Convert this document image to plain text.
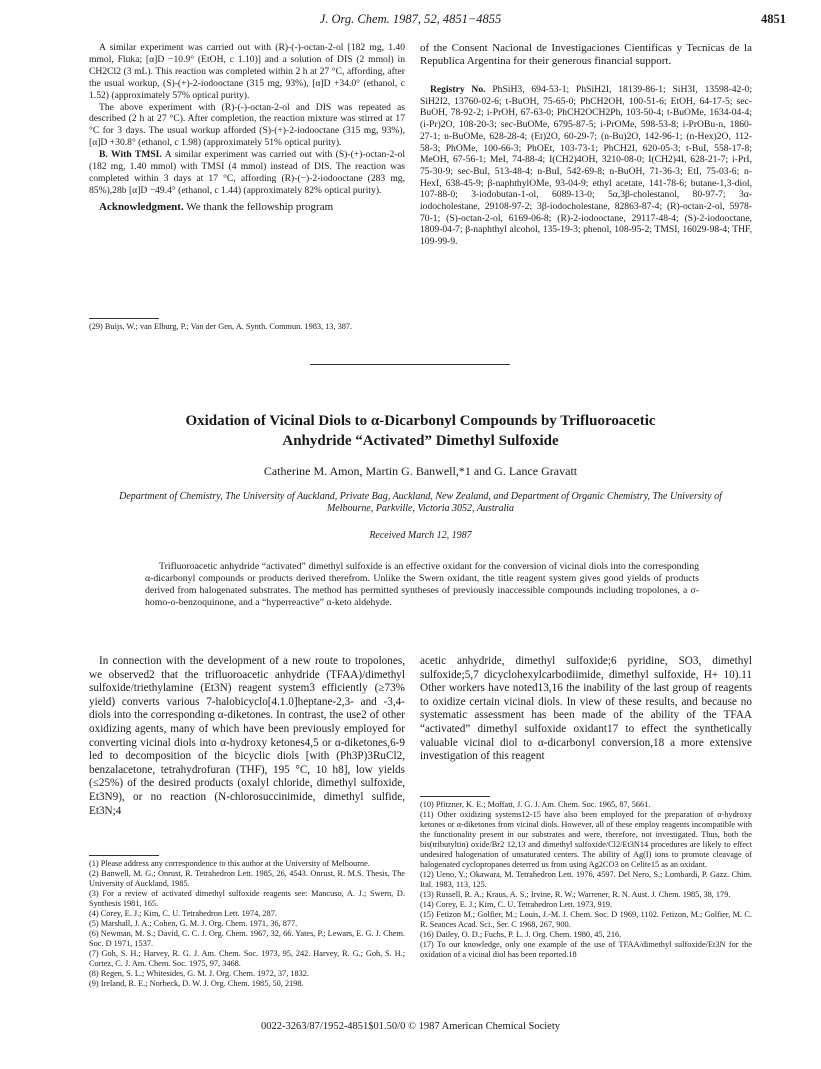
J. Org. Chem. 1987, 52, 4851−4855	4851

A similar experiment was carried out with (R)-(-)-octan-2-ol [182 mg, 1.40 mmol, Fluka; [α]D −10.9° (EtOH, c 1.10)] and a solution of DIS (2 mmol) in CH2Cl2 (3 mL). This reaction was completed within 2 h at 27 °C, affording, after the usual workup, (S)-(+)-2-iodooctane (315 mg, 93%), [α]D +34.0° (ethanol, c 1.52) (approximately 57% optical purity).

The above experiment with (R)-(-)-octan-2-ol and DIS was repeated as described (2 h at 27 °C). After completion, the reaction mixture was stirred at 17 °C for 3 days. The usual workup afforded (S)-(+)-2-iodooctane (315 mg, 93%), [α]D +30.8° (ethanol, c 1.98) (approximately 51% optical purity).

B. With TMSI. A similar experiment was carried out with (S)-(+)-octan-2-ol (182 mg, 1.40 mmol) with TMSI (4 mmol) instead of DIS. The reaction was completed within 3 days at 17 °C, affording (R)-(−)-2-iodooctane (283 mg, 85%),28b [α]D −49.4° (ethanol, c 1.44) (approximately 82% optical purity).

Acknowledgment. We thank the fellowship program

(29) Buijs, W.; van Elburg, P.; Van der Gen, A. Synth. Commun. 1983, 13, 387.

of the Consent Nacional de Investigaciones Cientificas y Tecnicas de la Republica Argentina for their generous financial support.

Registry No. PhSiH3, 694-53-1; PhSiH2I, 18139-86-1; SiH3I, 13598-42-0; SiH2I2, 13760-02-6; t-BuOH, 75-65-0; PhCH2OH, 100-51-6; EtOH, 64-17-5; sec-BuOH, 78-92-2; i-PrOH, 67-63-0; PhCH2OCH2Ph, 103-50-4; t-BuOMe, 1634-04-4; (i-Pr)2O, 108-20-3; sec-BuOMe, 6795-87-5; i-PrOMe, 598-53-8; i-PrOBu-n, 1860-27-1; n-BuOMe, 628-28-4; (Et)2O, 60-29-7; (n-Bu)2O, 142-96-1; (n-Hex)2O, 112-58-3; PhOMe, 100-66-3; PhOEt, 103-73-1; PhCH2I, 620-05-3; t-BuI, 558-17-8; MeOH, 67-56-1; MeI, 74-88-4; I(CH2)4OH, 3210-08-0; I(CH2)4I, 628-21-7; i-PrI, 75-30-9; sec-BuI, 513-48-4; n-BuI, 542-69-8; n-BuOH, 71-36-3; EtI, 75-03-6; n-HexI, 638-45-9; β-naphthylOMe, 93-04-9; ethyl acetate, 141-78-6; butane-1,3-diol, 107-88-0; 3-iodobutan-1-ol, 6089-13-0; 5α,3β-cholestanol, 80-97-7; 3α-iodocholestane, 29108-97-2; 3β-iodocholestane, 82863-87-4; (R)-octan-2-ol, 5978-70-1; (S)-octan-2-ol, 6169-06-8; (R)-2-iodooctane, 29117-48-4; (S)-2-iodooctane, 1809-04-7; β-naphthyl alcohol, 135-19-3; phenol, 108-95-2; TMSI, 16029-98-4; THF, 109-99-9.

Oxidation of Vicinal Diols to α-Dicarbonyl Compounds by Trifluoroacetic
Anhydride “Activated” Dimethyl Sulfoxide
Catherine M. Amon, Martin G. Banwell,*1 and G. Lance Gravatt
Department of Chemistry, The University of Auckland, Private Bag, Auckland, New Zealand, and Department of Organic Chemistry, The University of Melbourne, Parkville, Victoria 3052, Australia
Received March 12, 1987
Trifluoroacetic anhydride “activated” dimethyl sulfoxide is an effective oxidant for the conversion of vicinal diols into the corresponding α-dicarbonyl compounds or products derived therefrom. Unlike the Swern oxidant, the title reagent system gives good yields of products derived from halogenated substrates. The method has permitted syntheses of previously inaccessible compounds including tropolones, a σ-homo-o-benzoquinone, and a “hyperreactive” α-keto aldehyde.

In connection with the development of a new route to tropolones, we observed2 that the trifluoroacetic anhydride (TFAA)/dimethyl sulfoxide/triethylamine (Et3N) reagent system3 efficiently (≥73% yield) converts various 7-halobicyclo[4.1.0]heptane-2,3- and -3,4-diols into the corresponding α-diketones. In contrast, the use2 of other oxidizing agents, many of which have been previously employed for converting vicinal diols into α-hydroxy ketones4,5 or α-diketones,6-9 led to decomposition of the bicyclic diols [with (Ph3P)3RuCl2, benzalacetone, tetrahydrofuran (THF), 195 °C, 10 h8], low yields (≤25%) of the desired products (oxalyl chloride, dimethyl sulfoxide, Et3N9), or no reaction (N-chlorosuccinimide, dimethyl sulfide, Et3N;4

(1) Please address any correspondence to this author at the University of Melbourne.
(2) Banwell, M. G.; Onrust, R. Tetrahedron Lett. 1985, 26, 4543. Onrust, R. M.S. Thesis, The University of Auckland, 1985.
(3) For a review of activated dimethyl sulfoxide reagents see: Mancuso, A. J.; Swern, D. Synthesis 1981, 165.
(4) Corey, E. J.; Kim, C. U. Tetrahedron Lett. 1974, 287.
(5) Marshall, J. A.; Cohen, G. M. J. Org. Chem. 1971, 36, 877.
(6) Newman, M. S.; David, C. C. J. Org. Chem. 1967, 32, 66. Yates, P.; Lewars, E. G. J. Chem. Soc. D 1971, 1537.
(7) Goh, S. H.; Harvey, R. G. J. Am. Chem. Soc. 1973, 95, 242. Harvey, R. G.; Goh, S. H.; Cortez, C. J. Am. Chem. Soc. 1975, 97, 3468.
(8) Regen, S. L.; Whitesides, G. M. J. Org. Chem. 1972, 37, 1832.
(9) Ireland, R. E.; Norbeck, D. W. J. Org. Chem. 1985, 50, 2198.

acetic anhydride, dimethyl sulfoxide;6 pyridine, SO3, dimethyl sulfoxide;5,7 dicyclohexylcarbodiimide, dimethyl sulfoxide, H+ 10).11 Other workers have noted13,16 the inability of the last group of reagents to oxidize certain vicinal diols. In view of these results, and because no systematic assessment has been made of the ability of the TFAA “activated” dimethyl sulfoxide oxidant17 to effect the synthetically valuable vicinal diol to α-dicarbonyl conversion,18 a more extensive investigation of this reagent

(10) Pfitzner, K. E.; Moffatt, J. G. J. Am. Chem. Soc. 1965, 87, 5661.
(11) Other oxidizing systems12-15 have also been employed for the preparation of α-hydroxy ketones or α-diketones from vicinal diols. However, all of these employ reagents incompatible with the functionality present in our substrates and were, therefore, not investigated. Thus, both the bis(tributyltin) oxide/Br2 12,13 and dimethyl sulfoxide/Cl2/Et3N14 procedures are likely to effect undesired halogenation of unsaturated centers. The ability of Ag(I) ions to promote cleavage of halogenated cyclopropanes deterred us from using Ag2CO3 on Celite15 as an oxidant.
(12) Ueno, Y.; Okawara, M. Tetrahedron Lett. 1976, 4597. Del Nero, S.; Lombardi, P. Gazz. Chim. Ital. 1983, 113, 125.
(13) Russell, R. A.; Kraus, A. S.; Irvine, R. W.; Warrener, R. N. Aust. J. Chem. 1985, 38, 179.
(14) Corey, E. J.; Kim, C. U. Tetrahedron Lett. 1973, 919.
(15) Fetizon M.; Golfier, M.; Louis, J.-M. J. Chem. Soc. D 1969, 1102. Fetizon, M.; Golfier, M. C. R. Seances Acad. Sci., Ser. C 1968, 267, 900.
(16) Dailey, O. D.; Fuchs, P. L. J. Org. Chem. 1980, 45, 216.
(17) To our knowledge, only one example of the use of TFAA/dimethyl sulfoxide/Et3N for the oxidation of a vicinal diol has been reported.18
0022-3263/87/1952-4851$01.50/0 © 1987 American Chemical Society
